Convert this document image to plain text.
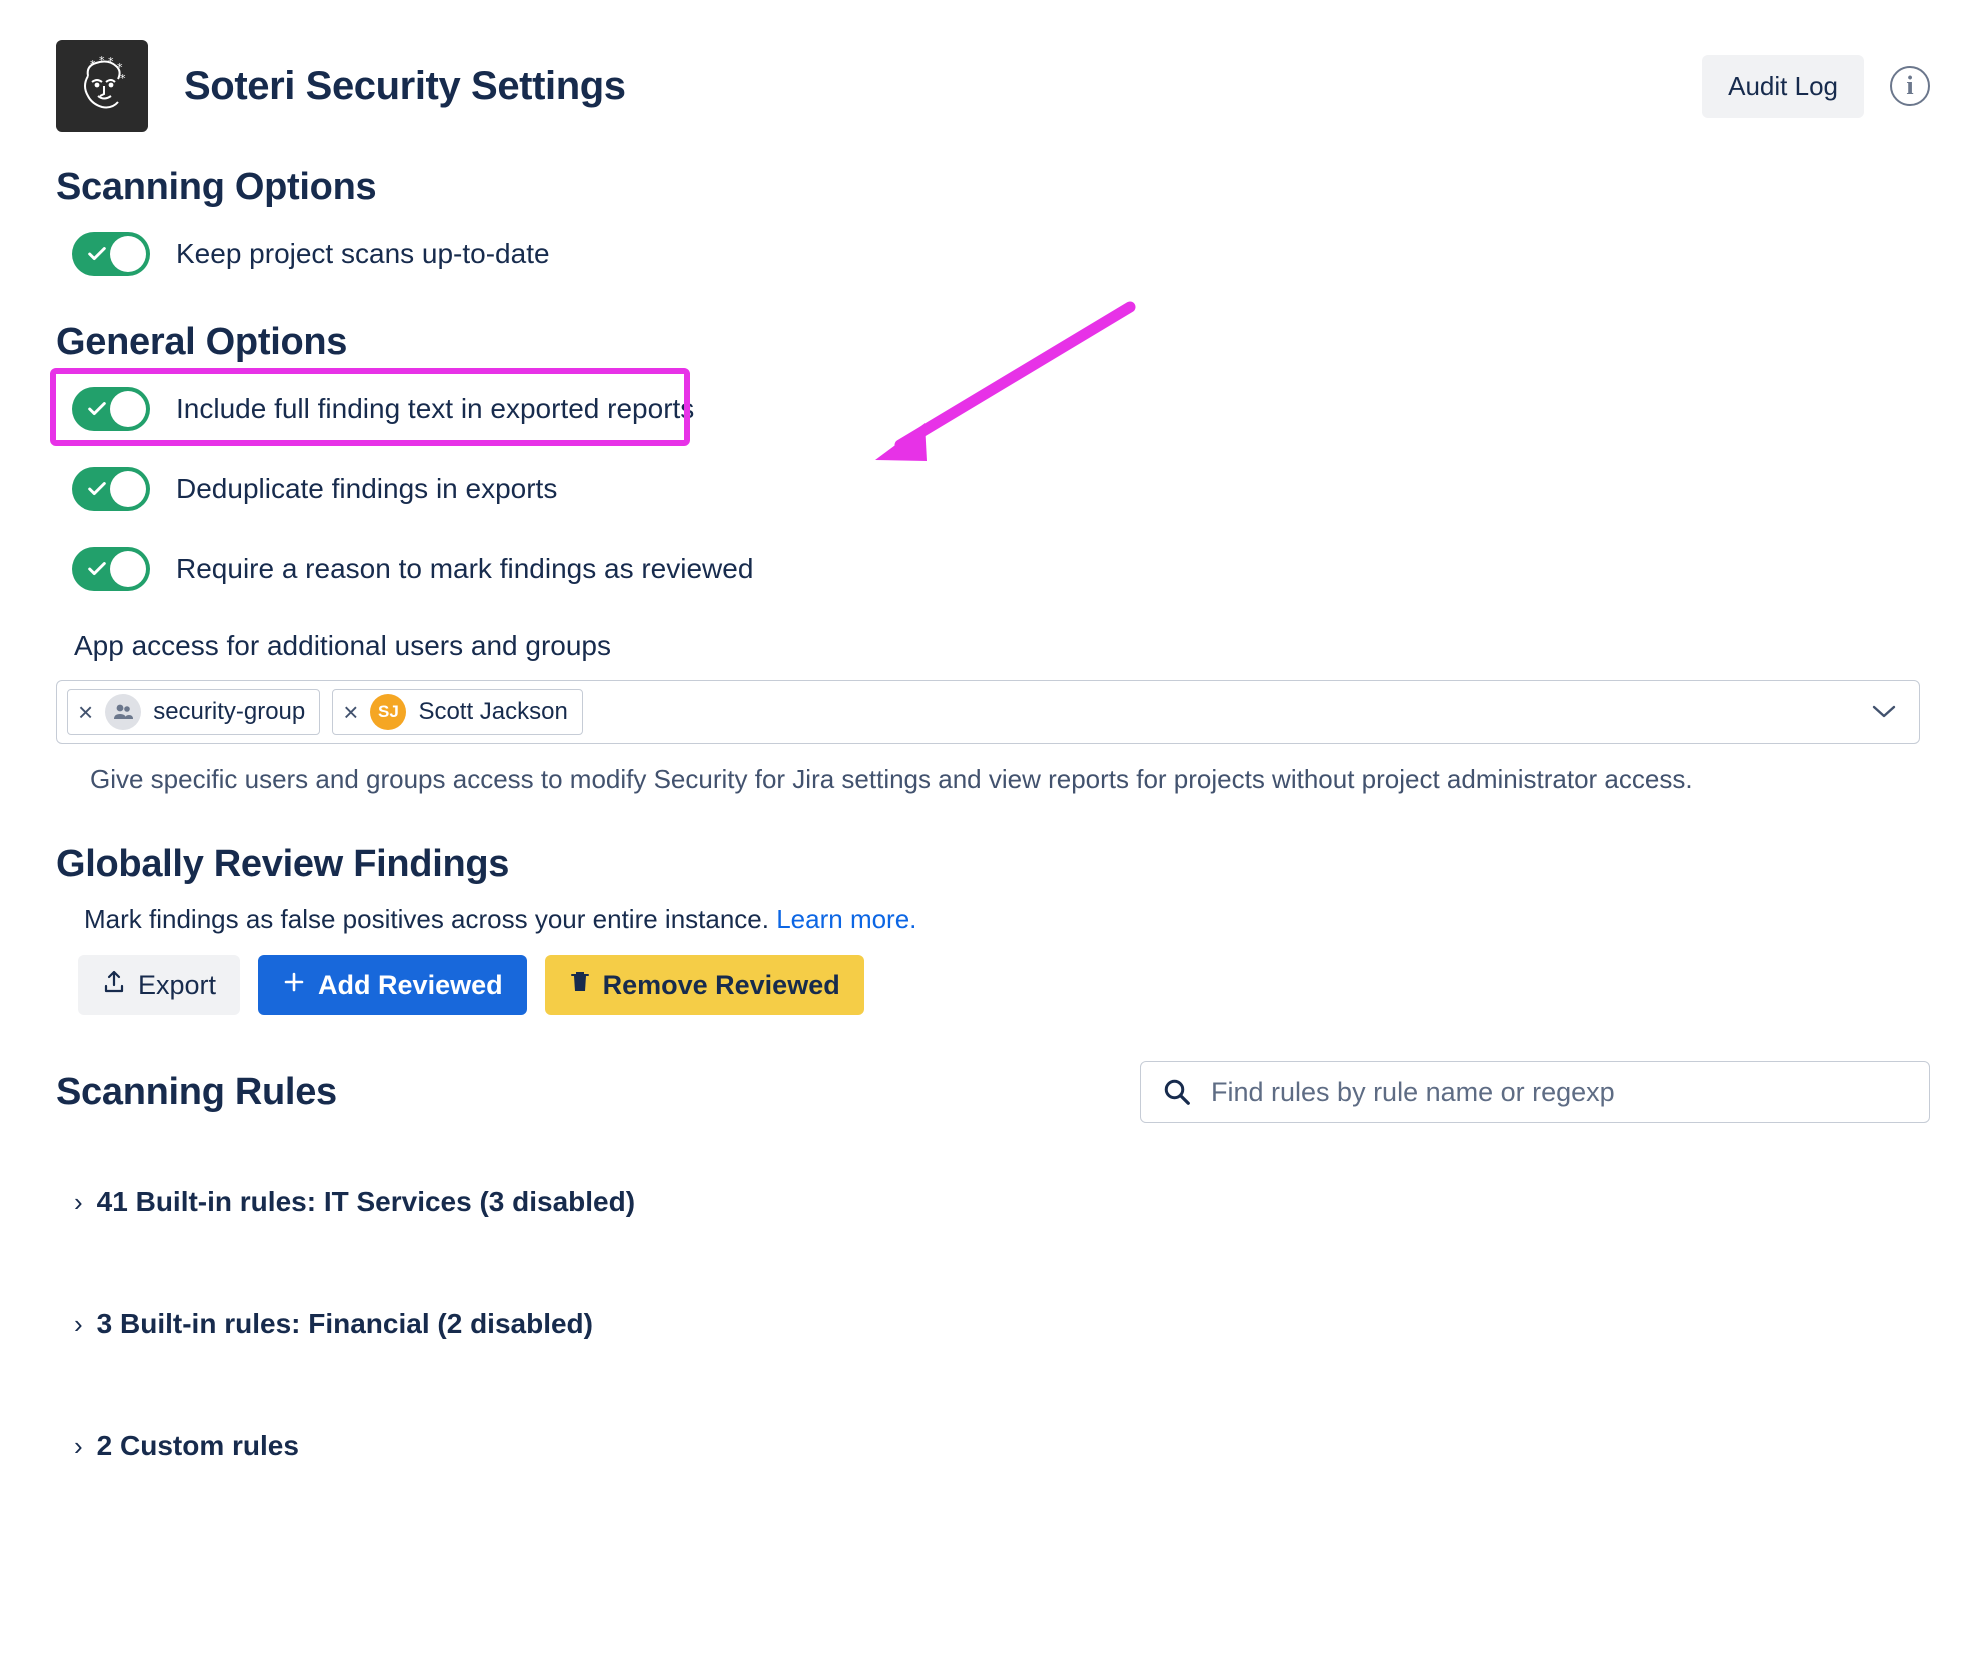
* * * *
* Soteri Security Settings	Audit Log	i
Scanning Options
Keep project scans up-to-date
General Options
Include full finding text in exported reports
Deduplicate findings in exports
Require a reason to mark findings as reviewed
App access for additional users and groups
×	security-group ×	SJ Scott Jackson
Give specific users and groups access to modify Security for Jira settings and view reports for projects without project administrator access.
Globally Review Findings
Mark findings as false positives across your entire instance. Learn more.
Export	Add Reviewed	Remove Reviewed
Scanning Rules
Find rules by rule name or regexp
› 41 Built-in rules: IT Services (3 disabled)
› 3 Built-in rules: Financial (2 disabled)
› 2 Custom rules
